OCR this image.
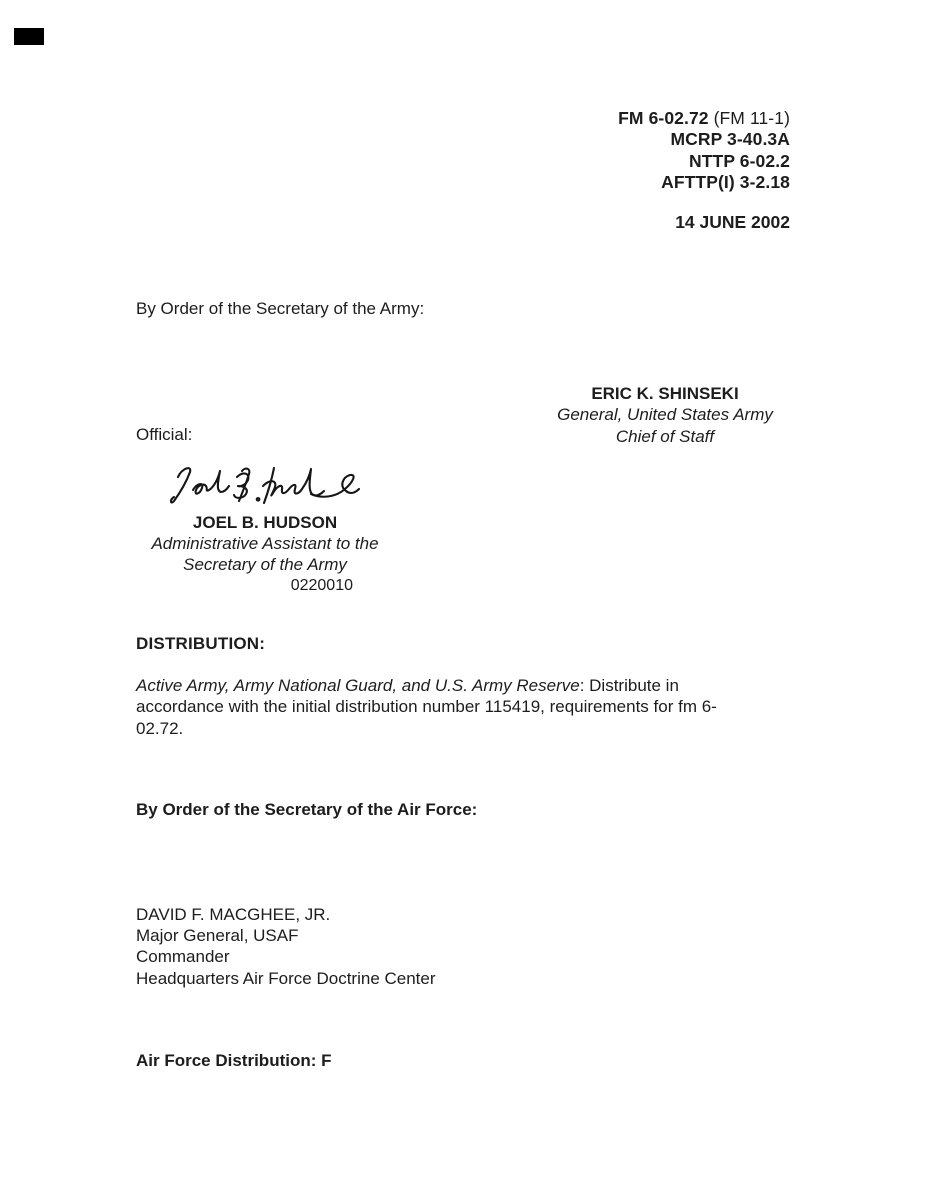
FM 6-02.72 (FM 11-1)
MCRP 3-40.3A
NTTP 6-02.2
AFTTP(I) 3-2.18
14 JUNE 2002
By Order of the Secretary of the Army:
ERIC K. SHINSEKI
General, United States Army
Chief of Staff
Official:
JOEL B. HUDSON
Administrative Assistant to the
Secretary of the Army
0220010
DISTRIBUTION:
Active Army, Army National Guard, and U.S. Army Reserve: Distribute in accordance with the initial distribution number 115419, requirements for fm 6-02.72.
By Order of the Secretary of the Air Force:
DAVID F. MACGHEE, JR.
Major General, USAF
Commander
Headquarters Air Force Doctrine Center
Air Force Distribution: F
